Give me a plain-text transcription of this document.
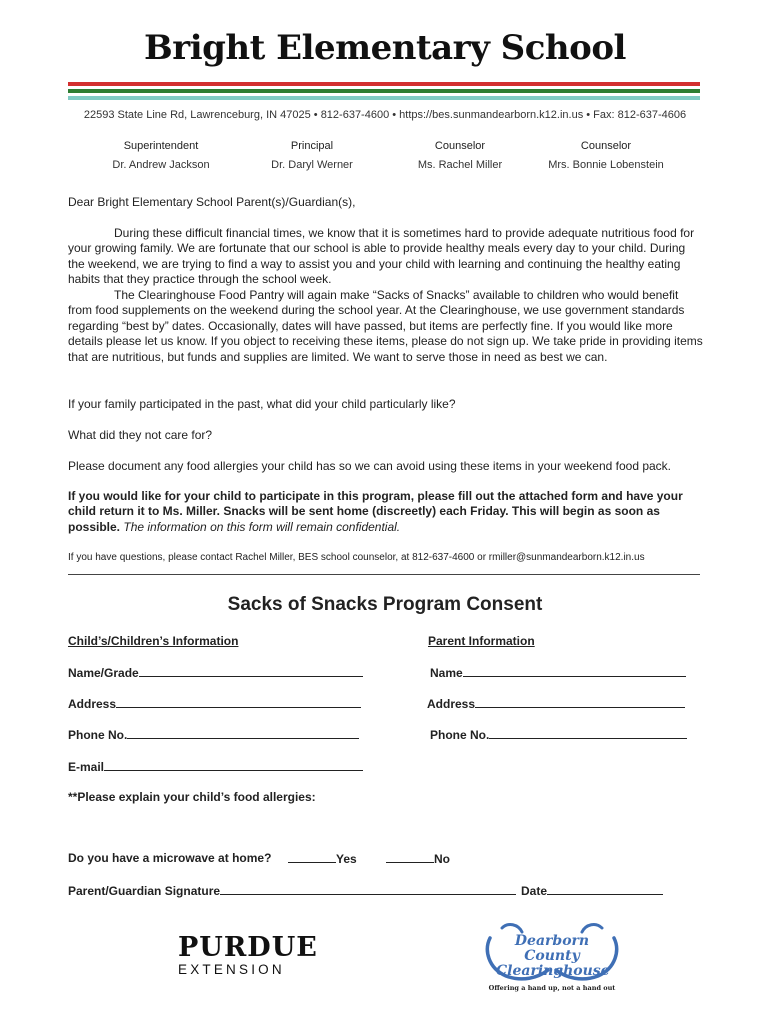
Bright Elementary School
22593 State Line Rd, Lawrenceburg, IN 47025 • 812-637-4600 • https://bes.sunmandearborn.k12.in.us • Fax: 812-637-4606
Superintendent
Dr. Andrew Jackson
Principal
Dr. Daryl Werner
Counselor
Ms. Rachel Miller
Counselor
Mrs. Bonnie Lobenstein
Dear Bright Elementary School Parent(s)/Guardian(s),
During these difficult financial times, we know that it is sometimes hard to provide adequate nutritious food for your growing family. We are fortunate that our school is able to provide healthy meals every day to your child. During the weekend, we are trying to find a way to assist you and your child with learning and continuing the healthy eating habits that they practice through the school week.
The Clearinghouse Food Pantry will again make “Sacks of Snacks” available to children who would benefit from food supplements on the weekend during the school year. At the Clearinghouse, we use government standards regarding “best by” dates. Occasionally, dates will have passed, but items are perfectly fine. If you would like more details please let us know. If you object to receiving these items, please do not sign up. We take pride in providing items that are nutritious, but funds and supplies are limited. We want to serve those in need as best we can.
If your family participated in the past, what did your child particularly like?
What did they not care for?
Please document any food allergies your child has so we can avoid using these items in your weekend food pack.
If you would like for your child to participate in this program, please fill out the attached form and have your child return it to Ms. Miller. Snacks will be sent home (discreetly) each Friday. This will begin as soon as possible. The information on this form will remain confidential.
If you have questions, please contact Rachel Miller, BES school counselor, at 812-637-4600 or rmiller@sunmandearborn.k12.in.us
Sacks of Snacks Program Consent
Child’s/Children’s Information	Parent Information
Name/Grade	Name
Address	Address
Phone No.	Phone No.
E-mail
**Please explain your child’s food allergies:
Do you have a microwave at home?	Yes	No
Parent/Guardian Signature	Date
PURDUE
EXTENSION
Dearborn County
Clearinghouse
Offering a hand up, not a hand out
